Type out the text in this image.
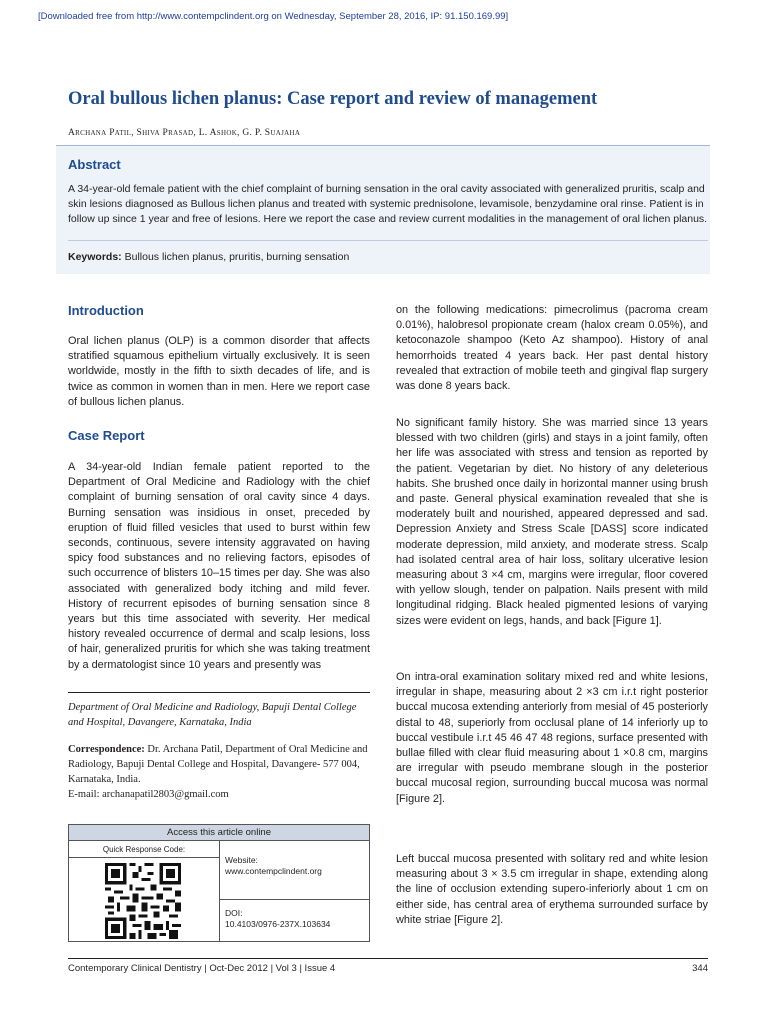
[Downloaded free from http://www.contempclindent.org on Wednesday, September 28, 2016, IP: 91.150.169.99]
Oral bullous lichen planus: Case report and review of management
Archana Patil, Shiva Prasad, L. Ashok, G. P. Suajaha
Abstract
A 34-year-old female patient with the chief complaint of burning sensation in the oral cavity associated with generalized pruritis, scalp and skin lesions diagnosed as Bullous lichen planus and treated with systemic prednisolone, levamisole, benzydamine oral rinse. Patient is in follow up since 1 year and free of lesions. Here we report the case and review current modalities in the management of oral lichen planus.
Keywords: Bullous lichen planus, pruritis, burning sensation
Introduction
Oral lichen planus (OLP) is a common disorder that affects stratified squamous epithelium virtually exclusively. It is seen worldwide, mostly in the fifth to sixth decades of life, and is twice as common in women than in men. Here we report case of bullous lichen planus.
Case Report
A 34-year-old Indian female patient reported to the Department of Oral Medicine and Radiology with the chief complaint of burning sensation of oral cavity since 4 days. Burning sensation was insidious in onset, preceded by eruption of fluid filled vesicles that used to burst within few seconds, continuous, severe intensity aggravated on having spicy food substances and no relieving factors, episodes of such occurrence of blisters 10–15 times per day. She was also associated with generalized body itching and mild fever. History of recurrent episodes of burning sensation since 8 years but this time associated with severity. Her medical history revealed occurrence of dermal and scalp lesions, loss of hair, generalized pruritis for which she was taking treatment by a dermatologist since 10 years and presently was
Department of Oral Medicine and Radiology, Bapuji Dental College and Hospital, Davangere, Karnataka, India
Correspondence: Dr. Archana Patil, Department of Oral Medicine and Radiology, Bapuji Dental College and Hospital, Davangere- 577 004, Karnataka, India.
E-mail: archanapatil2803@gmail.com
Access this article online
Quick Response Code:
Website:
www.contempclindent.org
DOI:
10.4103/0976-237X.103634
on the following medications: pimecrolimus (pacroma cream 0.01%), halobresol propionate cream (halox cream 0.05%), and ketoconazole shampoo (Keto Az shampoo). History of anal hemorrhoids treated 4 years back. Her past dental history revealed that extraction of mobile teeth and gingival flap surgery was done 8 years back.
No significant family history. She was married since 13 years blessed with two children (girls) and stays in a joint family, often her life was associated with stress and tension as reported by the patient. Vegetarian by diet. No history of any deleterious habits. She brushed once daily in horizontal manner using brush and paste. General physical examination revealed that she is moderately built and nourished, appeared depressed and sad. Depression Anxiety and Stress Scale [DASS] score indicated moderate depression, mild anxiety, and moderate stress. Scalp had isolated central area of hair loss, solitary ulcerative lesion measuring about 3 ×4 cm, margins were irregular, floor covered with yellow slough, tender on palpation. Nails present with mild longitudinal ridging. Black healed pigmented lesions of varying sizes were evident on legs, hands, and back [Figure 1].
On intra-oral examination solitary mixed red and white lesions, irregular in shape, measuring about 2 ×3 cm i.r.t right posterior buccal mucosa extending anteriorly from mesial of 45 posteriorly distal to 48, superiorly from occlusal plane of 14 inferiorly up to buccal vestibule i.r.t 45 46 47 48 regions, surface presented with bullae filled with clear fluid measuring about 1 ×0.8 cm, margins are irregular with pseudo membrane slough in the posterior buccal mucosal region, surrounding buccal mucosa was normal [Figure 2].
Left buccal mucosa presented with solitary red and white lesion measuring about 3 × 3.5 cm irregular in shape, extending along the line of occlusion extending supero-inferiorly about 1 cm on either side, has central area of erythema surrounded surface by white striae [Figure 2].
Contemporary Clinical Dentistry | Oct-Dec 2012 | Vol 3 | Issue 4	344
